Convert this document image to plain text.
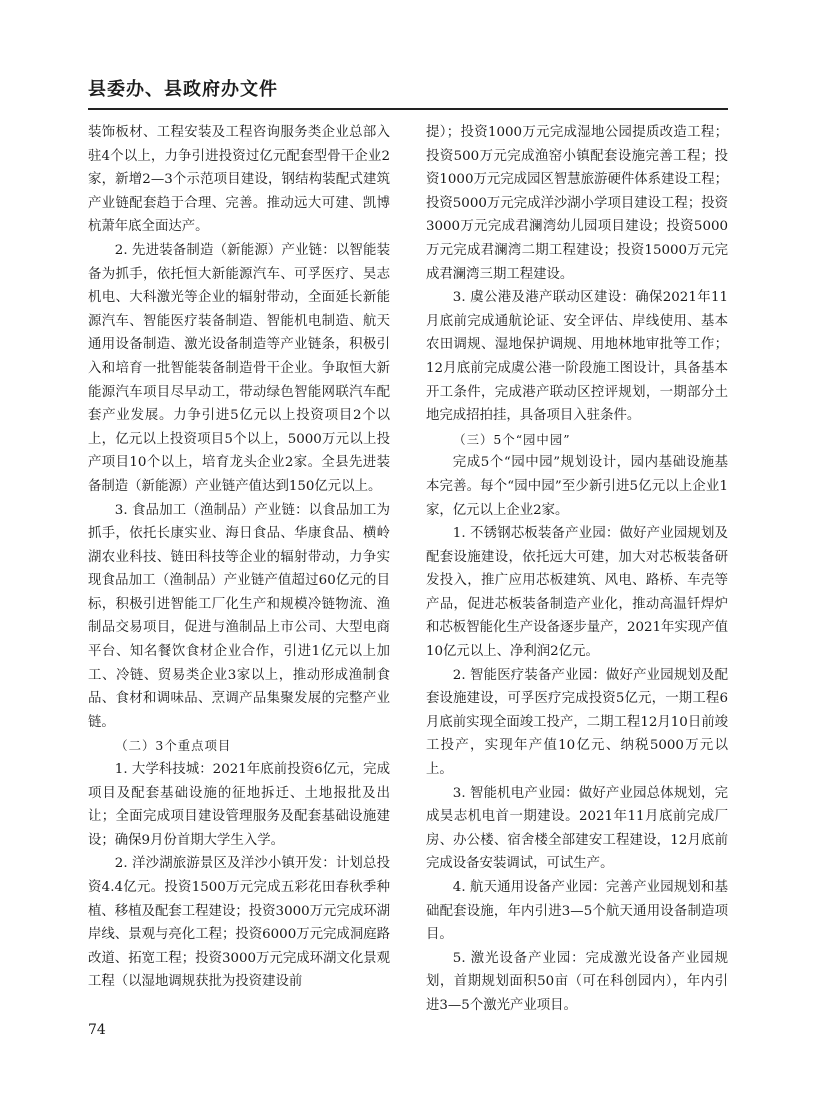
县委办、县政府办文件

装饰板材、工程安装及工程咨询服务类企业总部入驻4个以上，力争引进投资过亿元配套型骨干企业2家，新增2—3个示范项目建设，钢结构装配式建筑产业链配套趋于合理、完善。推动远大可建、凯博杭萧年底全面达产。

2. 先进装备制造（新能源）产业链：以智能装备为抓手，依托恒大新能源汽车、可孚医疗、昊志机电、大科激光等企业的辐射带动，全面延长新能源汽车、智能医疗装备制造、智能机电制造、航天通用设备制造、激光设备制造等产业链条，积极引入和培育一批智能装备制造骨干企业。争取恒大新能源汽车项目尽早动工，带动绿色智能网联汽车配套产业发展。力争引进5亿元以上投资项目2个以上，亿元以上投资项目5个以上，5000万元以上投产项目10个以上，培育龙头企业2家。全县先进装备制造（新能源）产业链产值达到150亿元以上。

3. 食品加工（渔制品）产业链：以食品加工为抓手，依托长康实业、海日食品、华康食品、横岭湖农业科技、链田科技等企业的辐射带动，力争实现食品加工（渔制品）产业链产值超过60亿元的目标，积极引进智能工厂化生产和规模冷链物流、渔制品交易项目，促进与渔制品上市公司、大型电商平台、知名餐饮食材企业合作，引进1亿元以上加工、冷链、贸易类企业3家以上，推动形成渔制食品、食材和调味品、烹调产品集聚发展的完整产业链。

（二）3个重点项目

1. 大学科技城：2021年底前投资6亿元，完成项目及配套基础设施的征地拆迁、土地报批及出让；全面完成项目建设管理服务及配套基础设施建设；确保9月份首期大学生入学。

2. 洋沙湖旅游景区及洋沙小镇开发：计划总投资4.4亿元。投资1500万元完成五彩花田春秋季种植、移植及配套工程建设；投资3000万元完成环湖岸线、景观与亮化工程；投资6000万元完成洞庭路改道、拓宽工程；投资3000万元完成环湖文化景观工程（以湿地调规获批为投资建设前

提）；投资1000万元完成湿地公园提质改造工程；投资500万元完成渔窑小镇配套设施完善工程；投资1000万元完成园区智慧旅游硬件体系建设工程；投资5000万元完成洋沙湖小学项目建设工程；投资3000万元完成君澜湾幼儿园项目建设；投资5000万元完成君澜湾二期工程建设；投资15000万元完成君澜湾三期工程建设。

3. 虞公港及港产联动区建设：确保2021年11月底前完成通航论证、安全评估、岸线使用、基本农田调规、湿地保护调规、用地林地审批等工作；12月底前完成虞公港一阶段施工图设计，具备基本开工条件，完成港产联动区控评规划，一期部分土地完成招拍挂，具备项目入驻条件。

（三）5个“园中园”

完成5个“园中园”规划设计，园内基础设施基本完善。每个“园中园”至少新引进5亿元以上企业1家，亿元以上企业2家。

1. 不锈钢芯板装备产业园：做好产业园规划及配套设施建设，依托远大可建，加大对芯板装备研发投入，推广应用芯板建筑、风电、路桥、车壳等产品，促进芯板装备制造产业化，推动高温钎焊炉和芯板智能化生产设备逐步量产，2021年实现产值10亿元以上、净利润2亿元。

2. 智能医疗装备产业园：做好产业园规划及配套设施建设，可孚医疗完成投资5亿元，一期工程6月底前实现全面竣工投产，二期工程12月10日前竣工投产，实现年产值10亿元、纳税5000万元以上。

3. 智能机电产业园：做好产业园总体规划，完成昊志机电首一期建设。2021年11月底前完成厂房、办公楼、宿舍楼全部建安工程建设，12月底前完成设备安装调试，可试生产。

4. 航天通用设备产业园：完善产业园规划和基础配套设施，年内引进3—5个航天通用设备制造项目。

5. 激光设备产业园：完成激光设备产业园规划，首期规划面积50亩（可在科创园内），年内引进3—5个激光产业项目。

74
